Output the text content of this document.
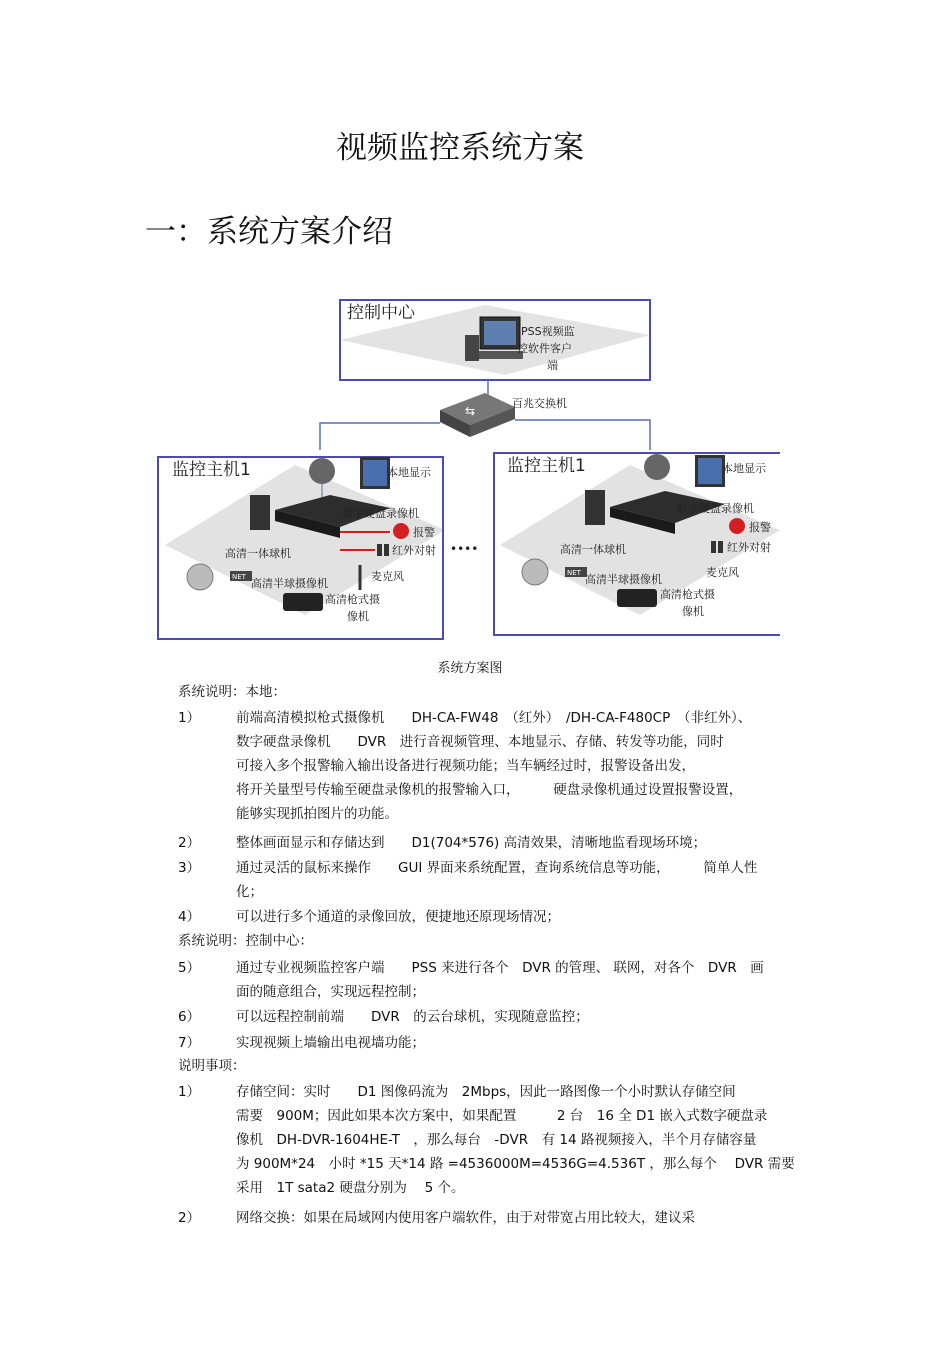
视频监控系统方案
一：系统方案介绍
控制中心
PSS视频监
控软件客户
端
⇆
百兆交换机
监控主机1	本地显示
数字硬盘录像机
报警
红外对射 ••••
高清一体球机
NET 高清半球摄像机
麦克风
高清枪式摄
像机
监控主机1	本地显示
数字硬盘录像机
报警
红外对射
高清一体球机
NET 高清半球摄像机
麦克风
高清枪式摄
像机
系统方案图
系统说明：本地：
1）	前端高清模拟枪式摄像机　　DH-CA-FW48　（红外）　/DH-CA-F480CP　（非红外）、
数字硬盘录像机　　DVR　进行音视频管理、本地显示、存储、转发等功能，同时
可接入多个报警输入输出设备进行视频功能；当车辆经过时，报警设备出发，
将开关量型号传输至硬盘录像机的报警输入口，　　　硬盘录像机通过设置报警设置，
能够实现抓拍图片的功能。
2）	整体画面显示和存储达到　　D1(704*576) 高清效果，清晰地监看现场环境；
3）	通过灵活的鼠标来操作　　GUI 界面来系统配置，查询系统信息等功能，　　　简单人性
化；
4）	可以进行多个通道的录像回放，便捷地还原现场情况；
系统说明：控制中心：
5）	通过专业视频监控客户端　　PSS 来进行各个　DVR 的管理、 联网，对各个　DVR　画
面的随意组合，实现远程控制；
6）	可以远程控制前端　　DVR　的云台球机，实现随意监控；
7）	实现视频上墙输出电视墙功能；
说明事项：
1）	存储空间：实时　　D1 图像码流为　2Mbps，因此一路图像一个小时默认存储空间
需要　900M；因此如果本次方案中，如果配置　　　2 台　16 全 D1 嵌入式数字硬盘录
像机　DH-DVR-1604HE-T　，那么每台　-DVR　有 14 路视频接入，半个月存储容量
为 900M*24　小时 *15 天*14 路 =4536000M=4536G=4.536T ，那么每个　 DVR 需要
采用　1T sata2 硬盘分别为　 5 个。
2）	网络交换：如果在局域网内使用客户端软件，由于对带宽占用比较大，建议采
